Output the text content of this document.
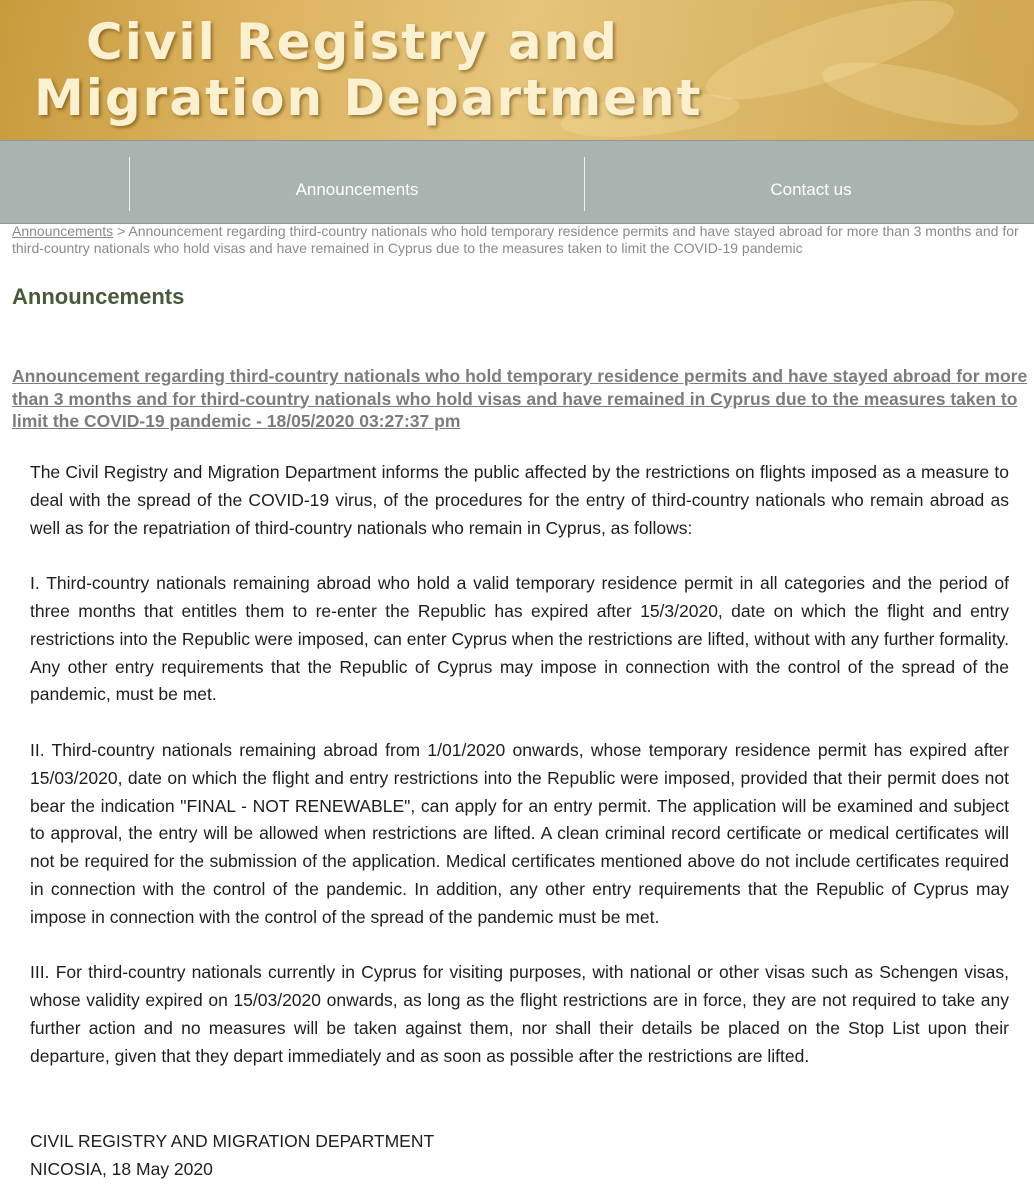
Civil Registry and
Migration Department
Announcements	Contact us
Announcements > Announcement regarding third-country nationals who hold temporary residence permits and have stayed abroad for more than 3 months and for third-country nationals who hold visas and have remained in Cyprus due to the measures taken to limit the COVID-19 pandemic
Announcements
Announcement regarding third-country nationals who hold temporary residence permits and have stayed abroad for more than 3 months and for third-country nationals who hold visas and have remained in Cyprus due to the measures taken to limit the COVID-19 pandemic - 18/05/2020 03:27:37 pm

The Civil Registry and Migration Department informs the public affected by the restrictions on flights imposed as a measure to deal with the spread of the COVID-19 virus, of the procedures for the entry of third-country nationals who remain abroad as well as for the repatriation of third-country nationals who remain in Cyprus, as follows:

I. Third-country nationals remaining abroad who hold a valid temporary residence permit in all categories and the period of three months that entitles them to re-enter the Republic has expired after 15/3/2020, date on which the flight and entry restrictions into the Republic were imposed, can enter Cyprus when the restrictions are lifted, without with any further formality. Any other entry requirements that the Republic of Cyprus may impose in connection with the control of the spread of the pandemic, must be met.

II. Third-country nationals remaining abroad from 1/01/2020 onwards, whose temporary residence permit has expired after 15/03/2020, date on which the flight and entry restrictions into the Republic were imposed, provided that their permit does not bear the indication "FINAL - NOT RENEWABLE", can apply for an entry permit. The application will be examined and subject to approval, the entry will be allowed when restrictions are lifted. A clean criminal record certificate or medical certificates will not be required for the submission of the application. Medical certificates mentioned above do not include certificates required in connection with the control of the pandemic. In addition, any other entry requirements that the Republic of Cyprus may impose in connection with the control of the spread of the pandemic must be met.

III. For third-country nationals currently in Cyprus for visiting purposes, with national or other visas such as Schengen visas, whose validity expired on 15/03/2020 onwards, as long as the flight restrictions are in force, they are not required to take any further action and no measures will be taken against them, nor shall their details be placed on the Stop List upon their departure, given that they depart immediately and as soon as possible after the restrictions are lifted.

CIVIL REGISTRY AND MIGRATION DEPARTMENT
NICOSIA, 18 May 2020
